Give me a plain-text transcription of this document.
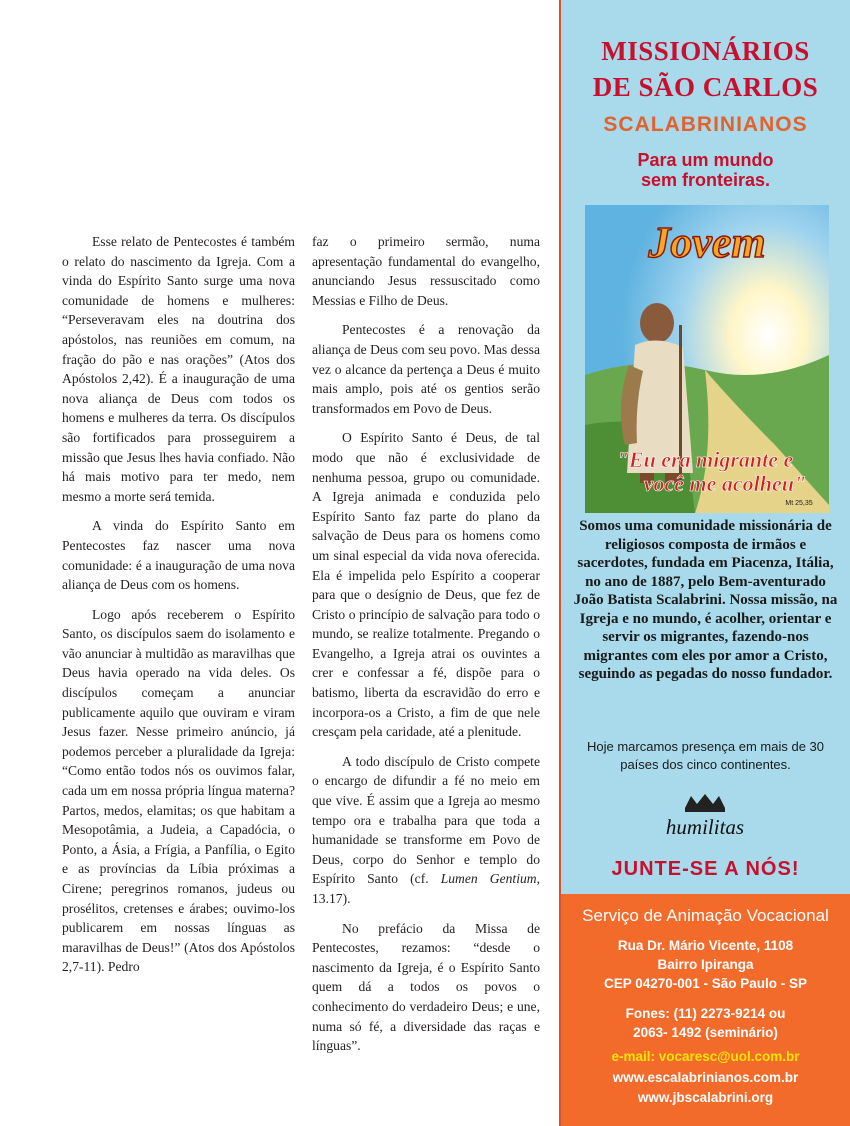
Esse relato de Pentecostes é também o relato do nascimento da Igreja. Com a vinda do Espírito Santo surge uma nova comunidade de homens e mulheres: “Perseveravam eles na doutrina dos apóstolos, nas reuniões em comum, na fração do pão e nas orações” (Atos dos Apóstolos 2,42). É a inauguração de uma nova aliança de Deus com todos os homens e mulheres da terra. Os discípulos são fortificados para prosseguirem a missão que Jesus lhes havia confiado. Não há mais motivo para ter medo, nem mesmo a morte será temida.

A vinda do Espírito Santo em Pentecostes faz nascer uma nova comunidade: é a inauguração de uma nova aliança de Deus com os homens.

Logo após receberem o Espírito Santo, os discípulos saem do isolamento e vão anunciar à multidão as maravilhas que Deus havia operado na vida deles. Os discípulos começam a anunciar publicamente aquilo que ouviram e viram Jesus fazer. Nesse primeiro anúncio, já podemos perceber a pluralidade da Igreja: “Como então todos nós os ouvimos falar, cada um em nossa própria língua materna? Partos, medos, elamitas; os que habitam a Mesopotâmia, a Judeia, a Capadócia, o Ponto, a Ásia, a Frígia, a Panfília, o Egito e as províncias da Líbia próximas a Cirene; peregrinos romanos, judeus ou prosélitos, cretenses e árabes; ouvimo-los publicarem em nossas línguas as maravilhas de Deus!” (Atos dos Apóstolos 2,7-11). Pedro

faz o primeiro sermão, numa apresentação fundamental do evangelho, anunciando Jesus ressuscitado como Messias e Filho de Deus.

Pentecostes é a renovação da aliança de Deus com seu povo. Mas dessa vez o alcance da pertença a Deus é muito mais amplo, pois até os gentios serão transformados em Povo de Deus.

O Espírito Santo é Deus, de tal modo que não é exclusividade de nenhuma pessoa, grupo ou comunidade. A Igreja animada e conduzida pelo Espírito Santo faz parte do plano da salvação de Deus para os homens como um sinal especial da vida nova oferecida. Ela é impelida pelo Espírito a cooperar para que o desígnio de Deus, que fez de Cristo o princípio de salvação para todo o mundo, se realize totalmente. Pregando o Evangelho, a Igreja atrai os ouvintes a crer e confessar a fé, dispõe para o batismo, liberta da escravidão do erro e incorpora-os a Cristo, a fim de que nele cresçam pela caridade, até a plenitude.

A todo discípulo de Cristo compete o encargo de difundir a fé no meio em que vive. É assim que a Igreja ao mesmo tempo ora e trabalha para que toda a humanidade se transforme em Povo de Deus, corpo do Senhor e templo do Espírito Santo (cf. Lumen Gentium, 13.17).

No prefácio da Missa de Pentecostes, rezamos: “desde o nascimento da Igreja, é o Espírito Santo quem dá a todos os povos o conhecimento do verdadeiro Deus; e une, numa só fé, a diversidade das raças e línguas”.

MISSIONÁRIOS
DE SÃO CARLOS
SCALABRINIANOS
Para um mundo
sem fronteiras.
Jovem
"Eu era migrante e
você me acolheu"
Mt 25,35
Somos uma comunidade missionária de religiosos composta de irmãos e sacerdotes, fundada em Piacenza, Itália, no ano de 1887, pelo Bem-aventurado João Batista Scalabrini. Nossa missão, na Igreja e no mundo, é acolher, orientar e servir os migrantes, fazendo-nos migrantes com eles por amor a Cristo, seguindo as pegadas do nosso fundador.
Hoje marcamos presença em mais de 30 países dos cinco continentes.
humilitas
JUNTE-SE A NÓS!
Serviço de Animação Vocacional
Rua Dr. Mário Vicente, 1108
Bairro Ipiranga
CEP 04270-001 - São Paulo - SP
Fones: (11) 2273-9214 ou
2063- 1492 (seminário)
e-mail: vocaresc@uol.com.br
www.escalabrinianos.com.br
www.jbscalabrini.org
